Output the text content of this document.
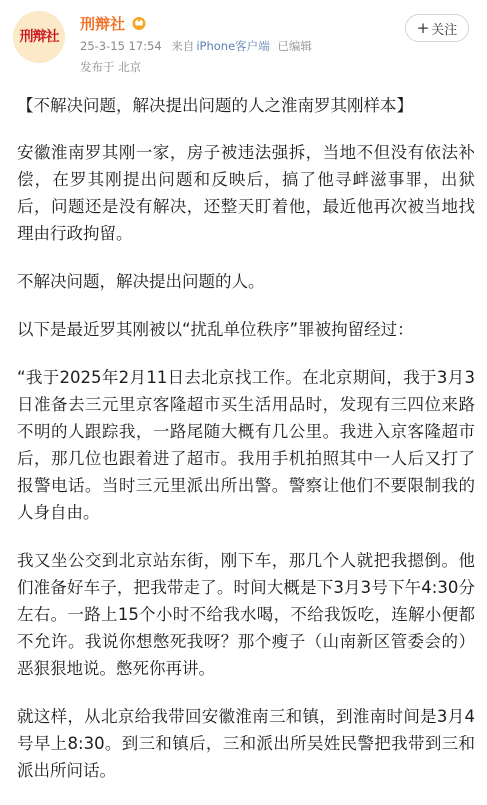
刑辩社
刑辩社
25-3-15 17:54 来自 iPhone客户端 已编辑
发布于 北京
+ 关注

【不解决问题，解决提出问题的人之淮南罗其刚样本】

安徽淮南罗其刚一家，房子被违法强拆，当地不但没有依法补偿，在罗其刚提出问题和反映后，搞了他寻衅滋事罪，出狱后，问题还是没有解决，还整天盯着他，最近他再次被当地找理由行政拘留。

不解决问题，解决提出问题的人。

以下是最近罗其刚被以“扰乱单位秩序”罪被拘留经过：

“我于2025年2月11日去北京找工作。在北京期间，我于3月3日准备去三元里京客隆超市买生活用品时，发现有三四位来路不明的人跟踪我，一路尾随大概有几公里。我进入京客隆超市后，那几位也跟着进了超市。我用手机拍照其中一人后又打了报警电话。当时三元里派出所出警。警察让他们不要限制我的人身自由。

我又坐公交到北京站东街，刚下车，那几个人就把我摁倒。他们准备好车子，把我带走了。时间大概是下3月3号下午4:30分左右。一路上15个小时不给我水喝，不给我饭吃，连解小便都不允许。我说你想憋死我呀？那个瘦子（山南新区管委会的）恶狠狠地说。憋死你再讲。

就这样，从北京给我带回安徽淮南三和镇，到淮南时间是3月4号早上8:30。到三和镇后，三和派出所吴姓民警把我带到三和派出所问话。
